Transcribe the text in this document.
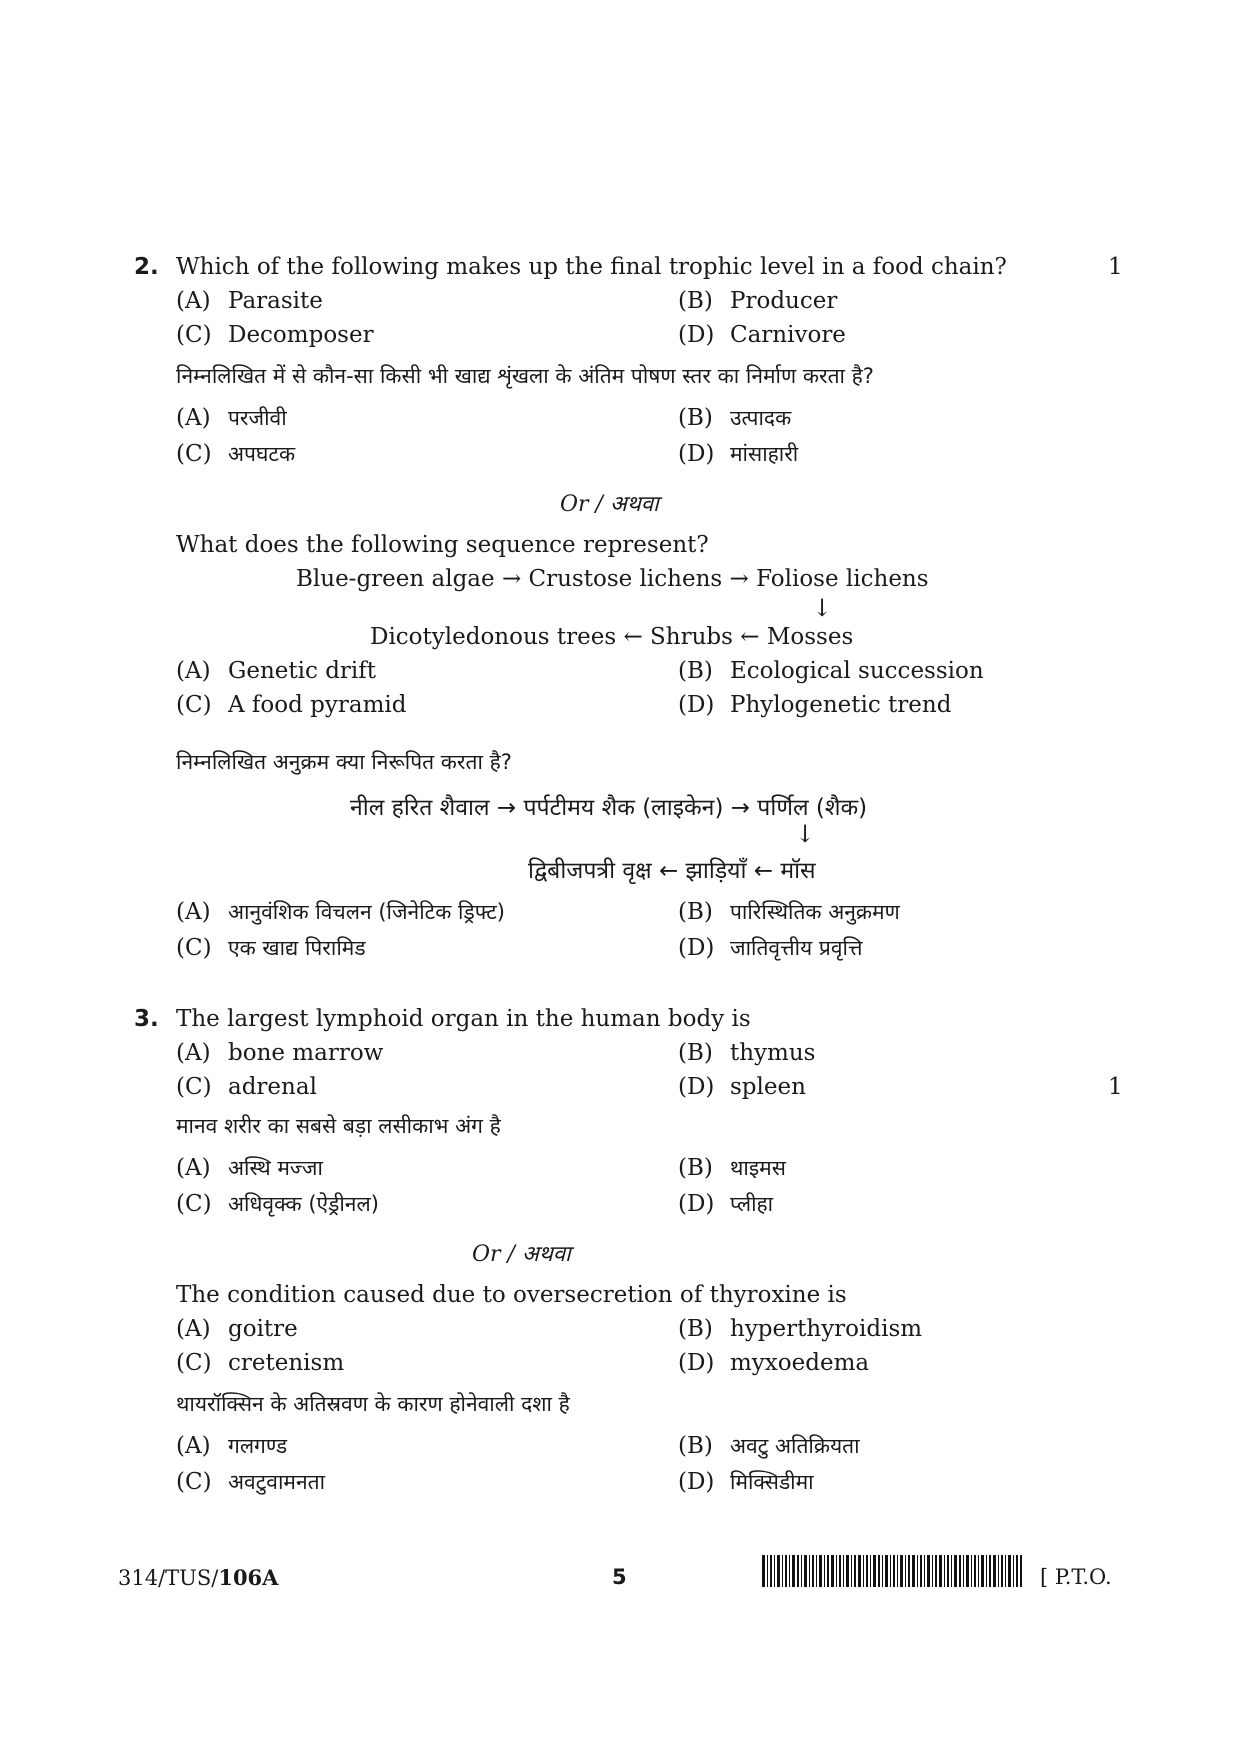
2. Which of the following makes up the final trophic level in a food chain?	1
(A) Parasite	(B) Producer
(C) Decomposer	(D) Carnivore
निम्नलिखित में से कौन-सा किसी भी खाद्य शृंखला के अंतिम पोषण स्तर का निर्माण करता है?
(A) परजीवी	(B) उत्पादक
(C) अपघटक	(D) मांसाहारी
Or / अथवा
What does the following sequence represent?
Blue-green algae → Crustose lichens → Foliose lichens
↓
Dicotyledonous trees ← Shrubs ← Mosses
(A) Genetic drift	(B) Ecological succession
(C) A food pyramid	(D) Phylogenetic trend
निम्नलिखित अनुक्रम क्या निरूपित करता है?
नील हरित शैवाल → पर्पटीमय शैक (लाइकेन) → पर्णिल (शैक)
↓
द्विबीजपत्री वृक्ष ← झाड़ियाँ ← मॉस
(A) आनुवंशिक विचलन (जिनेटिक ड्रिफ्ट)	(B) पारिस्थितिक अनुक्रमण
(C) एक खाद्य पिरामिड	(D) जातिवृत्तीय प्रवृत्ति
3. The largest lymphoid organ in the human body is
(A) bone marrow	(B) thymus
(C) adrenal	(D) spleen	1
मानव शरीर का सबसे बड़ा लसीकाभ अंग है
(A) अस्थि मज्जा	(B) थाइमस
(C) अधिवृक्क (ऐड्रीनल)	(D) प्लीहा
Or / अथवा
The condition caused due to oversecretion of thyroxine is
(A) goitre	(B) hyperthyroidism
(C) cretenism	(D) myxoedema
थायरॉक्सिन के अतिस्रवण के कारण होनेवाली दशा है
(A) गलगण्ड	(B) अवटु अतिक्रियता
(C) अवटुवामनता	(D) मिक्सिडीमा
314/TUS/106A	5	[ P.T.O.
